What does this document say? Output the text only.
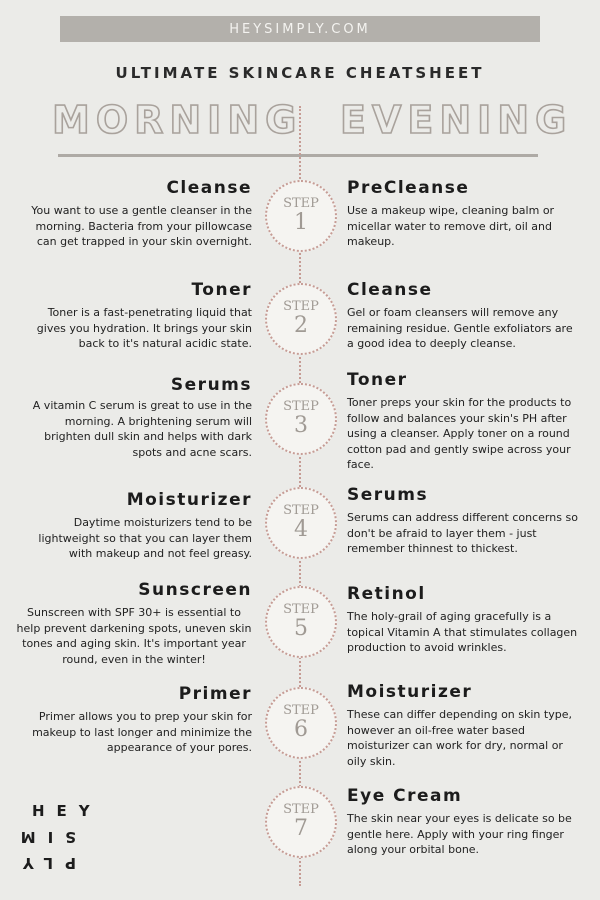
HEYSIMPLY.COM
ULTIMATE SKINCARE CHEATSHEET
MORNING EVENING
STEP
1
Cleanse
You want to use a gentle cleanser in the morning. Bacteria from your pillowcase can get trapped in your skin overnight.
PreCleanse
Use a makeup wipe, cleaning balm or micellar water to remove dirt, oil and makeup.
STEP
2
Toner
Toner is a fast-penetrating liquid that gives you hydration. It brings your skin back to it's natural acidic state.
Cleanse
Gel or foam cleansers will remove any remaining residue. Gentle exfoliators are a good idea to deeply cleanse.
STEP
3
Serums
A vitamin C serum is great to use in the morning. A brightening serum will brighten dull skin and helps with dark spots and acne scars.
Toner
Toner preps your skin for the products to follow and balances your skin's PH after using a cleanser. Apply toner on a round cotton pad and gently swipe across your face.
STEP
4
Moisturizer
Daytime moisturizers tend to be lightweight so that you can layer them with makeup and not feel greasy.
Serums
Serums can address different concerns so don't be afraid to layer them - just remember thinnest to thickest.
STEP
5
Sunscreen
Sunscreen with SPF 30+ is essential to help prevent darkening spots, uneven skin tones and aging skin. It's important year round, even in the winter!
Retinol
The holy-grail of aging gracefully is a topical Vitamin A that stimulates collagen production to avoid wrinkles.
STEP
6
Primer
Primer allows you to prep your skin for makeup to last longer and minimize the appearance of your pores.
Moisturizer
These can differ depending on skin type, however an oil-free water based moisturizer can work for dry, normal or oily skin.
STEP
7
Eye Cream
The skin near your eyes is delicate so be gentle here. Apply with your ring finger along your orbital bone.
HEY
SIM
PLY
